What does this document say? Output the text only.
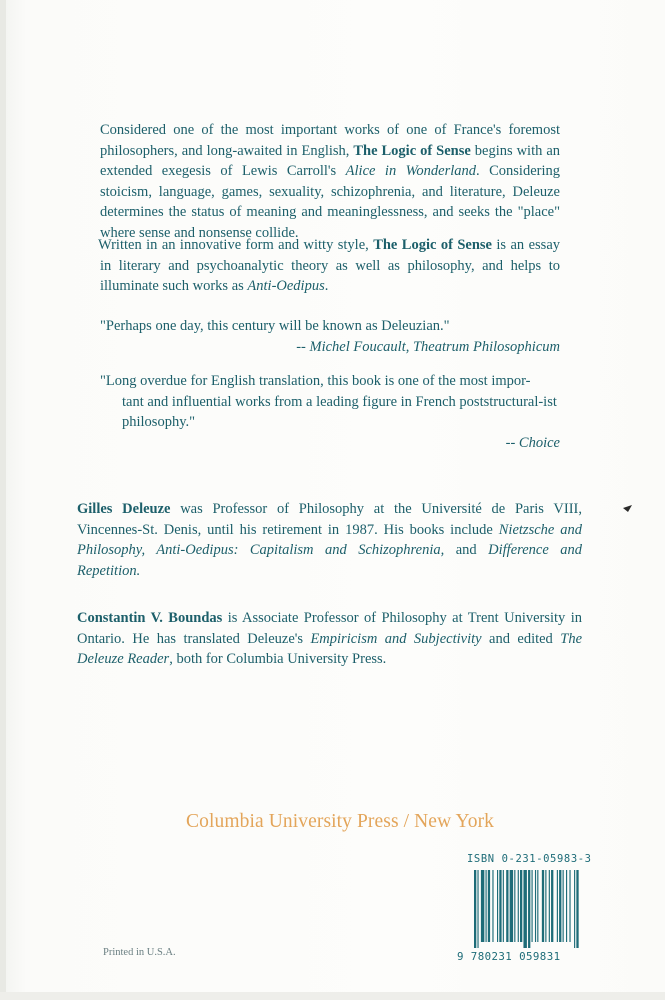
Considered one of the most important works of one of France's foremost philosophers, and long-awaited in English, The Logic of Sense begins with an extended exegesis of Lewis Carroll's Alice in Wonderland. Considering stoicism, language, games, sexuality, schizophrenia, and literature, Deleuze determines the status of meaning and meaninglessness, and seeks the "place" where sense and nonsense collide.

Written in an innovative form and witty style, The Logic of Sense is an essay in literary and psychoanalytic theory as well as philosophy, and helps to illuminate such works as Anti-Oedipus.

"Perhaps one day, this century will be known as Deleuzian."
-- Michel Foucault, Theatrum Philosophicum

"Long overdue for English translation, this book is one of the most impor-
tant and influential works from a leading figure in French poststructural-ist philosophy."
-- Choice

Gilles Deleuze was Professor of Philosophy at the Université de Paris VIII, Vincennes-St. Denis, until his retirement in 1987. His books include Nietzsche and Philosophy, Anti-Oedipus: Capitalism and Schizophrenia, and Difference and Repetition.

Constantin V. Boundas is Associate Professor of Philosophy at Trent University in Ontario. He has translated Deleuze's Empiricism and Subjectivity and edited The Deleuze Reader, both for Columbia University Press.

Columbia University Press / New York

ISBN 0-231-05983-3

9 780231 059831

Printed in U.S.A.
